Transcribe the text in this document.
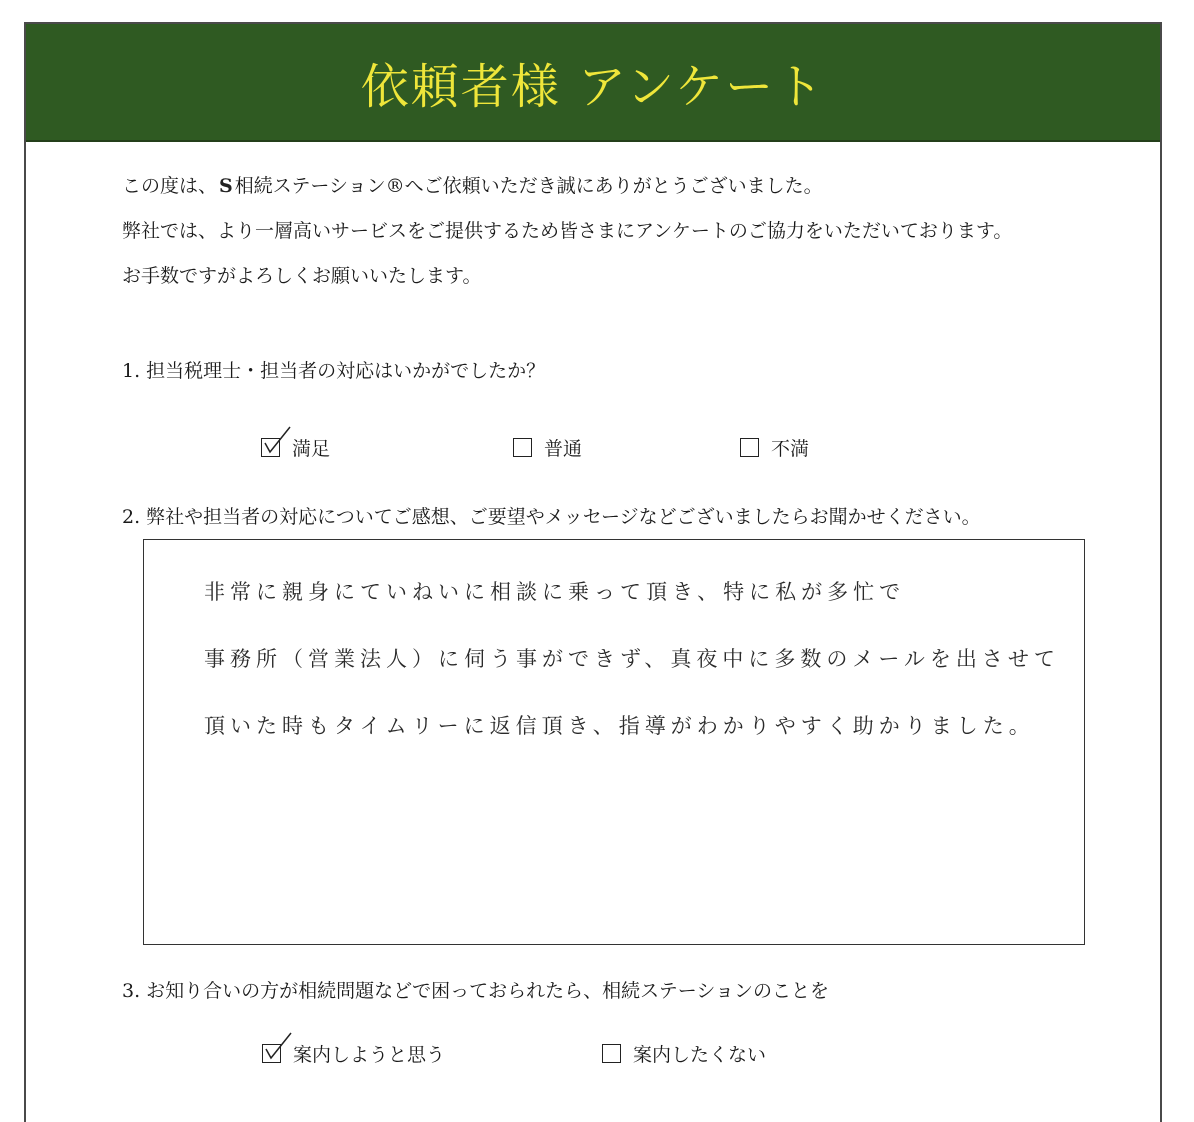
依頼者様 アンケート
この度は、 S 相続ステーション®へご依頼いただき誠にありがとうございました。
弊社では、より一層高いサービスをご提供するため皆さまにアンケートのご協力をいただいております。
お手数ですがよろしくお願いいたします。
1. 担当税理士・担当者の対応はいかがでしたか？
満足	普通	不満
2. 弊社や担当者の対応についてご感想、ご要望やメッセージなどございましたらお聞かせください。
非常に親身にていねいに相談に乗って頂き、特に私が多忙で
事務所（営業法人）に伺う事ができず、真夜中に多数のメールを出させて
頂いた時もタイムリーに返信頂き、指導がわかりやすく助かりました。
3. お知り合いの方が相続問題などで困っておられたら、相続ステーションのことを
案内しようと思う	案内したくない
